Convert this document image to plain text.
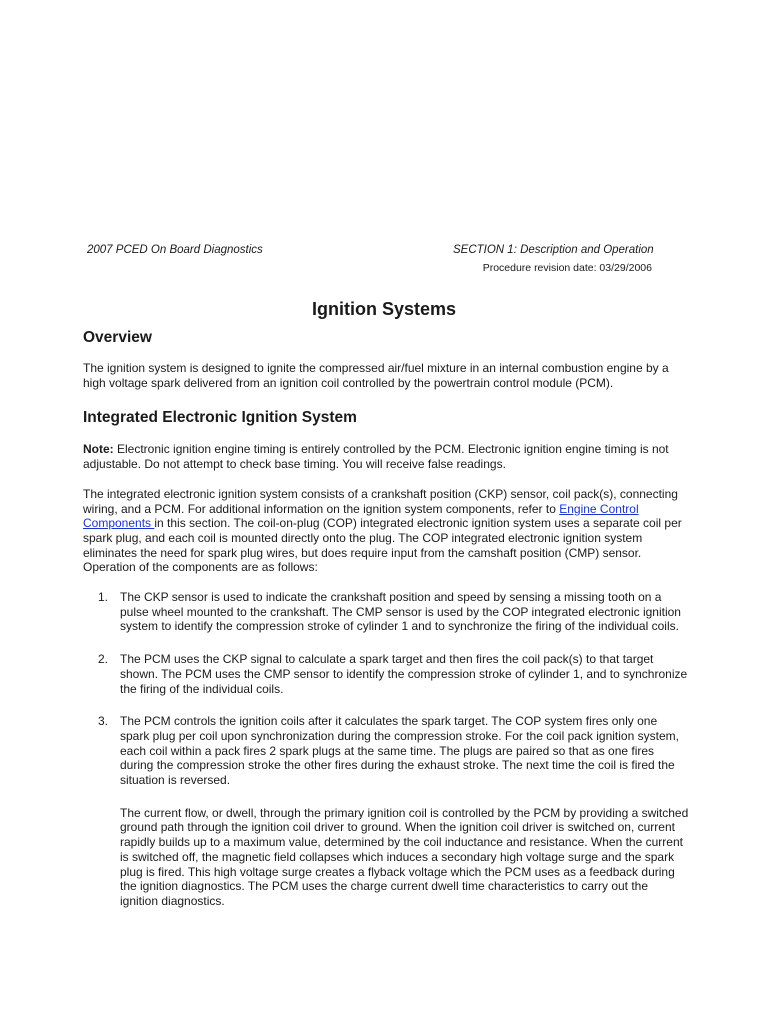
2007 PCED On Board Diagnostics	SECTION 1: Description and Operation
Procedure revision date: 03/29/2006
Ignition Systems
Overview

The ignition system is designed to ignite the compressed air/fuel mixture in an internal combustion engine by a high voltage spark delivered from an ignition coil controlled by the powertrain control module (PCM).

Integrated Electronic Ignition System

Note: Electronic ignition engine timing is entirely controlled by the PCM. Electronic ignition engine timing is not adjustable. Do not attempt to check base timing. You will receive false readings.

The integrated electronic ignition system consists of a crankshaft position (CKP) sensor, coil pack(s), connecting wiring, and a PCM. For additional information on the ignition system components, refer to Engine Control Components in this section. The coil-on-plug (COP) integrated electronic ignition system uses a separate coil per spark plug, and each coil is mounted directly onto the plug. The COP integrated electronic ignition system eliminates the need for spark plug wires, but does require input from the camshaft position (CMP) sensor. Operation of the components are as follows:

1. The CKP sensor is used to indicate the crankshaft position and speed by sensing a missing tooth on a pulse wheel mounted to the crankshaft. The CMP sensor is used by the COP integrated electronic ignition system to identify the compression stroke of cylinder 1 and to synchronize the firing of the individual coils.

2. The PCM uses the CKP signal to calculate a spark target and then fires the coil pack(s) to that target shown. The PCM uses the CMP sensor to identify the compression stroke of cylinder 1, and to synchronize the firing of the individual coils.

3. The PCM controls the ignition coils after it calculates the spark target. The COP system fires only one spark plug per coil upon synchronization during the compression stroke. For the coil pack ignition system, each coil within a pack fires 2 spark plugs at the same time. The plugs are paired so that as one fires during the compression stroke the other fires during the exhaust stroke. The next time the coil is fired the situation is reversed.

The current flow, or dwell, through the primary ignition coil is controlled by the PCM by providing a switched ground path through the ignition coil driver to ground. When the ignition coil driver is switched on, current rapidly builds up to a maximum value, determined by the coil inductance and resistance. When the current is switched off, the magnetic field collapses which induces a secondary high voltage surge and the spark plug is fired. This high voltage surge creates a flyback voltage which the PCM uses as a feedback during the ignition diagnostics. The PCM uses the charge current dwell time characteristics to carry out the ignition diagnostics.
